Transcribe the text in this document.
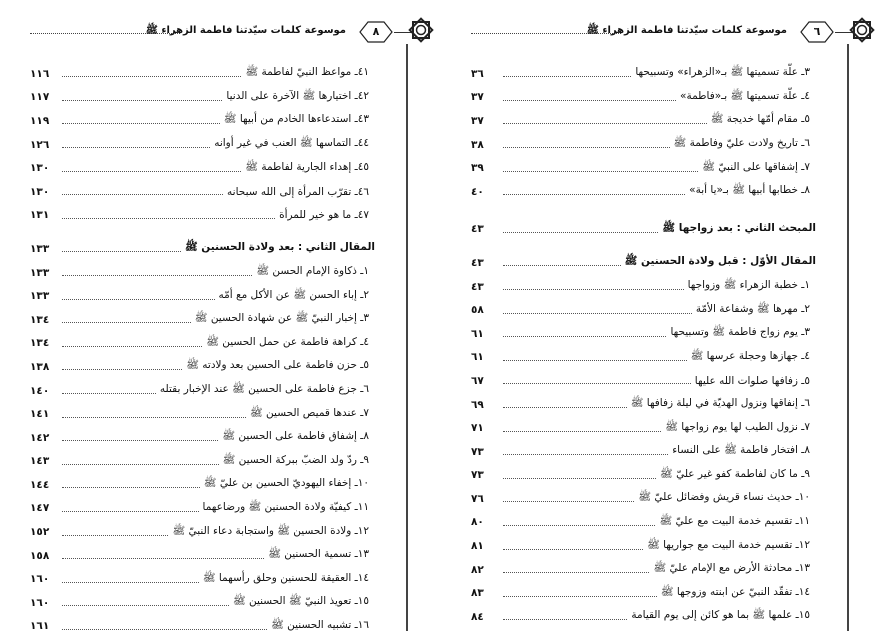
موسوعة كلمات سيّدتنا فاطمة الزهراء ﷺ	٨
١١٦	٤١ـ مواعظ النبيّ لفاطمة ﷺ
١١٧	٤٢ـ اختيارها ﷺ الآخرة على الدنيا
١١٩	٤٣ـ استدعاءها الخادم من أبيها ﷺ
١٢٦	٤٤ـ التماسها ﷺ العنب في غير أوانه
١٣٠	٤٥ـ إهداء الجارية لفاطمة ﷺ
١٣٠	٤٦ـ تقرّب المرأة إلى الله سبحانه
١٣١	٤٧ـ ما هو خير للمرأة
١٣٣	المقال الثاني : بعد ولادة الحسنين ﷺ
١٣٣	١ـ ذكاوة الإمام الحسن ﷺ
١٣٣	٢ـ إباء الحسن ﷺ عن الأكل مع أمّه
١٣٤	٣ـ إخبار النبيّ ﷺ عن شهادة الحسين ﷺ
١٣٤	٤ـ كراهة فاطمة عن حمل الحسين ﷺ
١٣٨	٥ـ حزن فاطمة على الحسين بعد ولادته ﷺ
١٤٠	٦ـ جزع فاطمة على الحسين ﷺ عند الإخبار بقتله
١٤١	٧ـ عندها قميص الحسين ﷺ
١٤٢	٨ـ إشفاق فاطمة على الحسين ﷺ
١٤٣	٩ـ ردّ ولد الضبّ ببركة الحسين ﷺ
١٤٤	١٠ـ إخفاء اليهوديّ الحسين بن عليّ ﷺ
١٤٧	١١ـ كيفيّة ولادة الحسنين ﷺ ورضاعهما
١٥٢	١٢ـ ولادة الحسين ﷺ واستجابة دعاء النبيّ ﷺ
١٥٨	١٣ـ تسمية الحسنين ﷺ
١٦٠	١٤ـ العقيقة للحسنين وحلق رأسهما ﷺ
١٦٠	١٥ـ تعويذ النبيّ ﷺ الحسنين ﷺ
١٦١	١٦ـ تشبيه الحسنين ﷺ
موسوعة كلمات سيّدتنا فاطمة الزهراء ﷺ	٦
٣٦	٣ـ علّة تسميتها ﷺ بـ«الزهراء» وتسبيحها
٣٧	٤ـ علّة تسميتها ﷺ بـ«فاطمة»
٣٧	٥ـ مقام أمّها خديجة ﷺ
٣٨	٦ـ تاريخ ولادت عليّ وفاطمة ﷺ
٣٩	٧ـ إشفاقها على النبيّ ﷺ
٤٠	٨ـ خطابها أبيها ﷺ بـ«يا أبة»
٤٣	المبحث الثاني : بعد زواجها ﷺ
٤٣	المقال الأوّل : قبل ولادة الحسنين ﷺ
٤٣	١ـ خطبة الزهراء ﷺ وزواجها
٥٨	٢ـ مهرها ﷺ وشفاعة الأمّة
٦١	٣ـ يوم زواج فاطمة ﷺ وتسبيحها
٦١	٤ـ جهازها وحجلة عرسها ﷺ
٦٧	٥ـ زفافها صلوات الله عليها
٦٩	٦ـ إنفاقها ونزول الهديّة في ليلة زفافها ﷺ
٧١	٧ـ نزول الطيب لها يوم زواجها ﷺ
٧٣	٨ـ افتخار فاطمة ﷺ على النساء
٧٣	٩ـ ما كان لفاطمة كفو غير عليّ ﷺ
٧٦	١٠ـ حديث نساء قريش وفضائل عليّ ﷺ
٨٠	١١ـ تقسيم خدمة البيت مع عليّ ﷺ
٨١	١٢ـ تقسيم خدمة البيت مع جواريها ﷺ
٨٢	١٣ـ محادثة الأرض مع الإمام عليّ ﷺ
٨٣	١٤ـ تفقّد النبيّ عن ابنته وزوجها ﷺ
٨٤	١٥ـ علمها ﷺ بما هو كائن إلى يوم القيامة
